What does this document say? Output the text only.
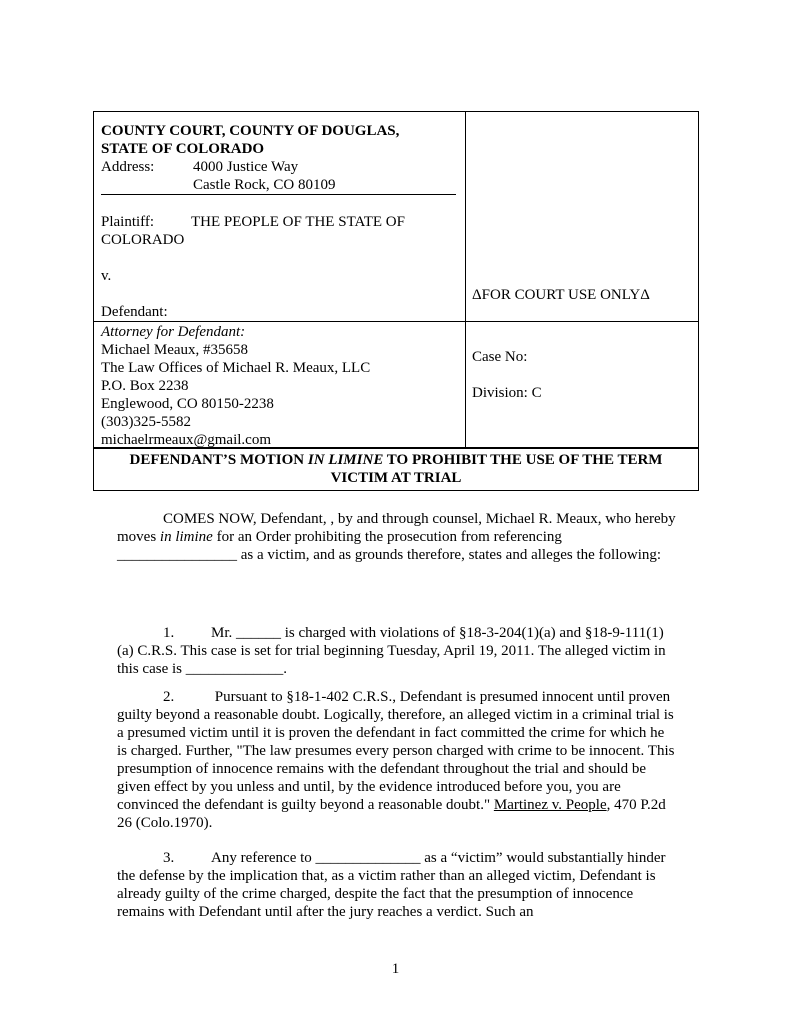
COUNTY COURT, COUNTY OF DOUGLAS,
STATE OF COLORADO
Address:	4000 Justice Way
Castle Rock, CO 80109
Plaintiff: THE PEOPLE OF THE STATE OF
COLORADO
v.
Defendant:
ΔFOR COURT USE ONLYΔ
Attorney for Defendant:
Michael Meaux, #35658
The Law Offices of Michael R. Meaux, LLC
P.O. Box 2238
Englewood, CO 80150-2238
(303)325-5582
michaelrmeaux@gmail.com
Case No:
Division: C
DEFENDANT’S MOTION IN LIMINE TO PROHIBIT THE USE OF THE TERM
VICTIM AT TRIAL
COMES NOW, Defendant, , by and through counsel, Michael R. Meaux, who hereby moves in limine for an Order prohibiting the prosecution from referencing ________________ as a victim, and as grounds therefore, states and alleges the following:
1. Mr. ______ is charged with violations of §18-3-204(1)(a) and §18-9-111(1)(a) C.R.S. This case is set for trial beginning Tuesday, April 19, 2011. The alleged victim in this case is _____________.
2. Pursuant to §18-1-402 C.R.S., Defendant is presumed innocent until proven guilty beyond a reasonable doubt. Logically, therefore, an alleged victim in a criminal trial is a presumed victim until it is proven the defendant in fact committed the crime for which he is charged. Further, "The law presumes every person charged with crime to be innocent. This presumption of innocence remains with the defendant throughout the trial and should be given effect by you unless and until, by the evidence introduced before you, you are convinced the defendant is guilty beyond a reasonable doubt." Martinez v. People, 470 P.2d 26 (Colo.1970).
3. Any reference to ______________ as a “victim” would substantially hinder the defense by the implication that, as a victim rather than an alleged victim, Defendant is already guilty of the crime charged, despite the fact that the presumption of innocence remains with Defendant until after the jury reaches a verdict. Such an
1
